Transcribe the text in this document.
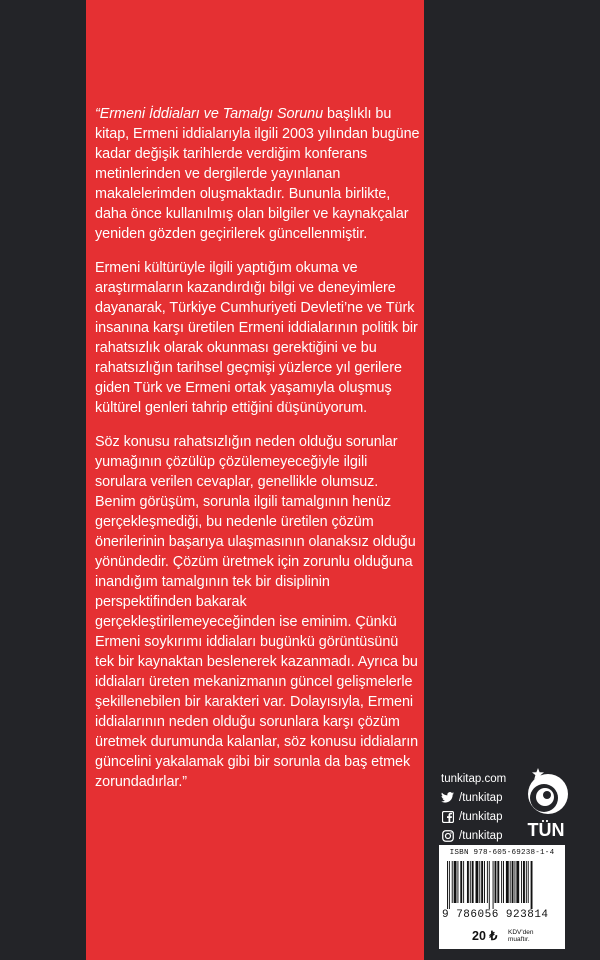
“Ermeni İddiaları ve Tamalgı Sorunu başlıklı bu kitap, Ermeni iddialarıyla ilgili 2003 yılından bugüne kadar değişik tarihlerde verdiğim konferans metinlerinden ve dergilerde yayınlanan makalelerimden oluşmaktadır. Bununla birlikte, daha önce kullanılmış olan bilgiler ve kaynakçalar yeniden gözden geçirilerek güncellenmiştir.

Ermeni kültürüyle ilgili yaptığım okuma ve araştırmaların kazandırdığı bilgi ve deneyimlere dayanarak, Türkiye Cumhuriyeti Devleti’ne ve Türk insanına karşı üretilen Ermeni iddialarının politik bir rahatsızlık olarak okunması gerektiğini ve bu rahatsızlığın tarihsel geçmişi yüzlerce yıl gerilere giden Türk ve Ermeni ortak yaşamıyla oluşmuş kültürel genleri tahrip ettiğini düşünüyorum.

Söz konusu rahatsızlığın neden olduğu sorunlar yumağının çözülüp çözülemeyeceğiyle ilgili sorulara verilen cevaplar, genellikle olumsuz. Benim görüşüm, sorunla ilgili tamalgının henüz gerçekleşmediği, bu nedenle üretilen çözüm önerilerinin başarıya ulaşmasının olanaksız olduğu yönündedir. Çözüm üretmek için zorunlu olduğuna inandığım tamalgının tek bir disiplinin perspektifinden bakarak gerçekleştirilemeyeceğinden ise eminim. Çünkü Ermeni soykırımı iddiaları bugünkü görüntüsünü tek bir kaynaktan beslenerek kazanmadı. Ayrıca bu iddiaları üreten mekanizmanın güncel gelişmelerle şekillenebilen bir karakteri var. Dolayısıyla, Ermeni iddialarının neden olduğu sorunlara karşı çözüm üretmek durumunda kalanlar, söz konusu iddiaların güncelini yakalamak gibi bir sorunla da baş etmek zorundadırlar.”	tunkitap.com
/tunkitap
/tunkitap
/tunkitap TÜN
ISBN 978-605-69238-1-4
9 786056 923814
20 ₺ KDV'den muaftır.
